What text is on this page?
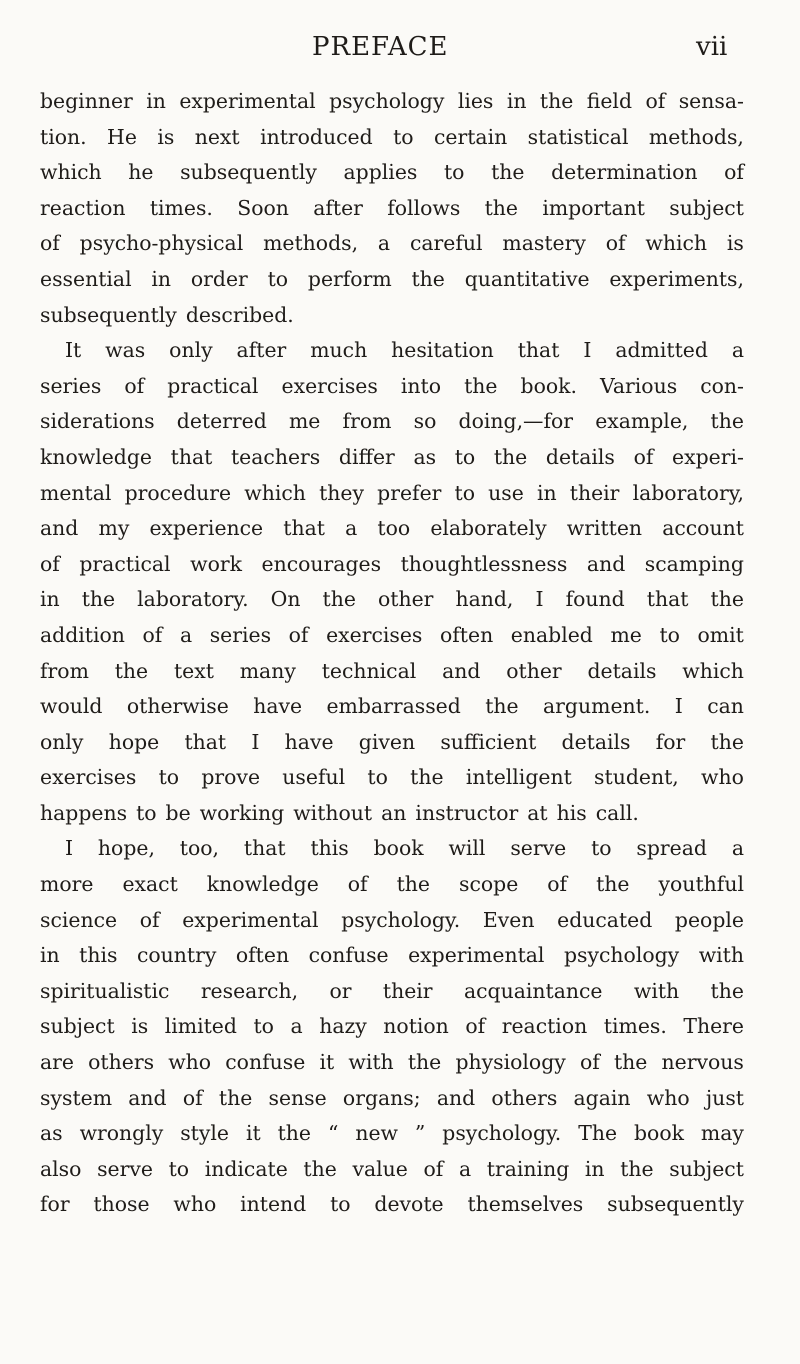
PREFACE	vii
beginner in experimental psychology lies in the field of sensa-
tion. He is next introduced to certain statistical methods,
which he subsequently applies to the determination of
reaction times. Soon after follows the important subject
of psycho-physical methods, a careful mastery of which is
essential in order to perform the quantitative experiments,
subsequently described.
It was only after much hesitation that I admitted a
series of practical exercises into the book. Various con-
siderations deterred me from so doing,—for example, the
knowledge that teachers differ as to the details of experi-
mental procedure which they prefer to use in their laboratory,
and my experience that a too elaborately written account
of practical work encourages thoughtlessness and scamping
in the laboratory. On the other hand, I found that the
addition of a series of exercises often enabled me to omit
from the text many technical and other details which
would otherwise have embarrassed the argument. I can
only hope that I have given sufficient details for the
exercises to prove useful to the intelligent student, who
happens to be working without an instructor at his call.
I hope, too, that this book will serve to spread a
more exact knowledge of the scope of the youthful
science of experimental psychology. Even educated people
in this country often confuse experimental psychology with
spiritualistic research, or their acquaintance with the
subject is limited to a hazy notion of reaction times. There
are others who confuse it with the physiology of the nervous
system and of the sense organs; and others again who just
as wrongly style it the “ new ” psychology. The book may
also serve to indicate the value of a training in the subject
for those who intend to devote themselves subsequently
